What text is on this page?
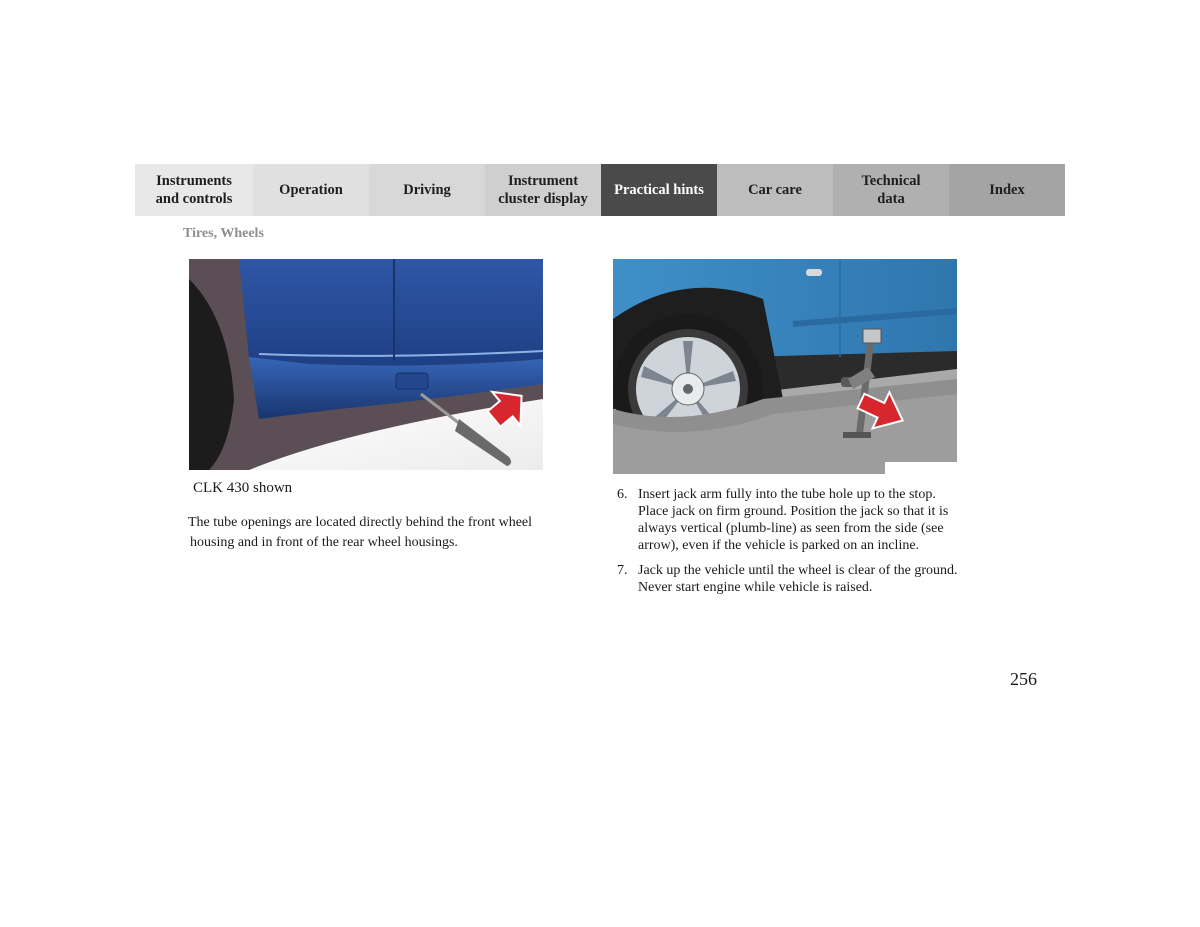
Instruments
and controls
Operation	Driving
Instrument
cluster display
Practical hints	Car care
Technical
data
Index
Tires, Wheels
CLK 430 shown
The tube openings are located directly behind the front wheel
housing and in front of the rear wheel housings.
6. Insert jack arm fully into the tube hole up to the stop. Place jack on firm ground. Position the jack so that it is always vertical (plumb-line) as seen from the side (see arrow), even if the vehicle is parked on an incline.
7. Jack up the vehicle until the wheel is clear of the ground. Never start engine while vehicle is raised.
256
